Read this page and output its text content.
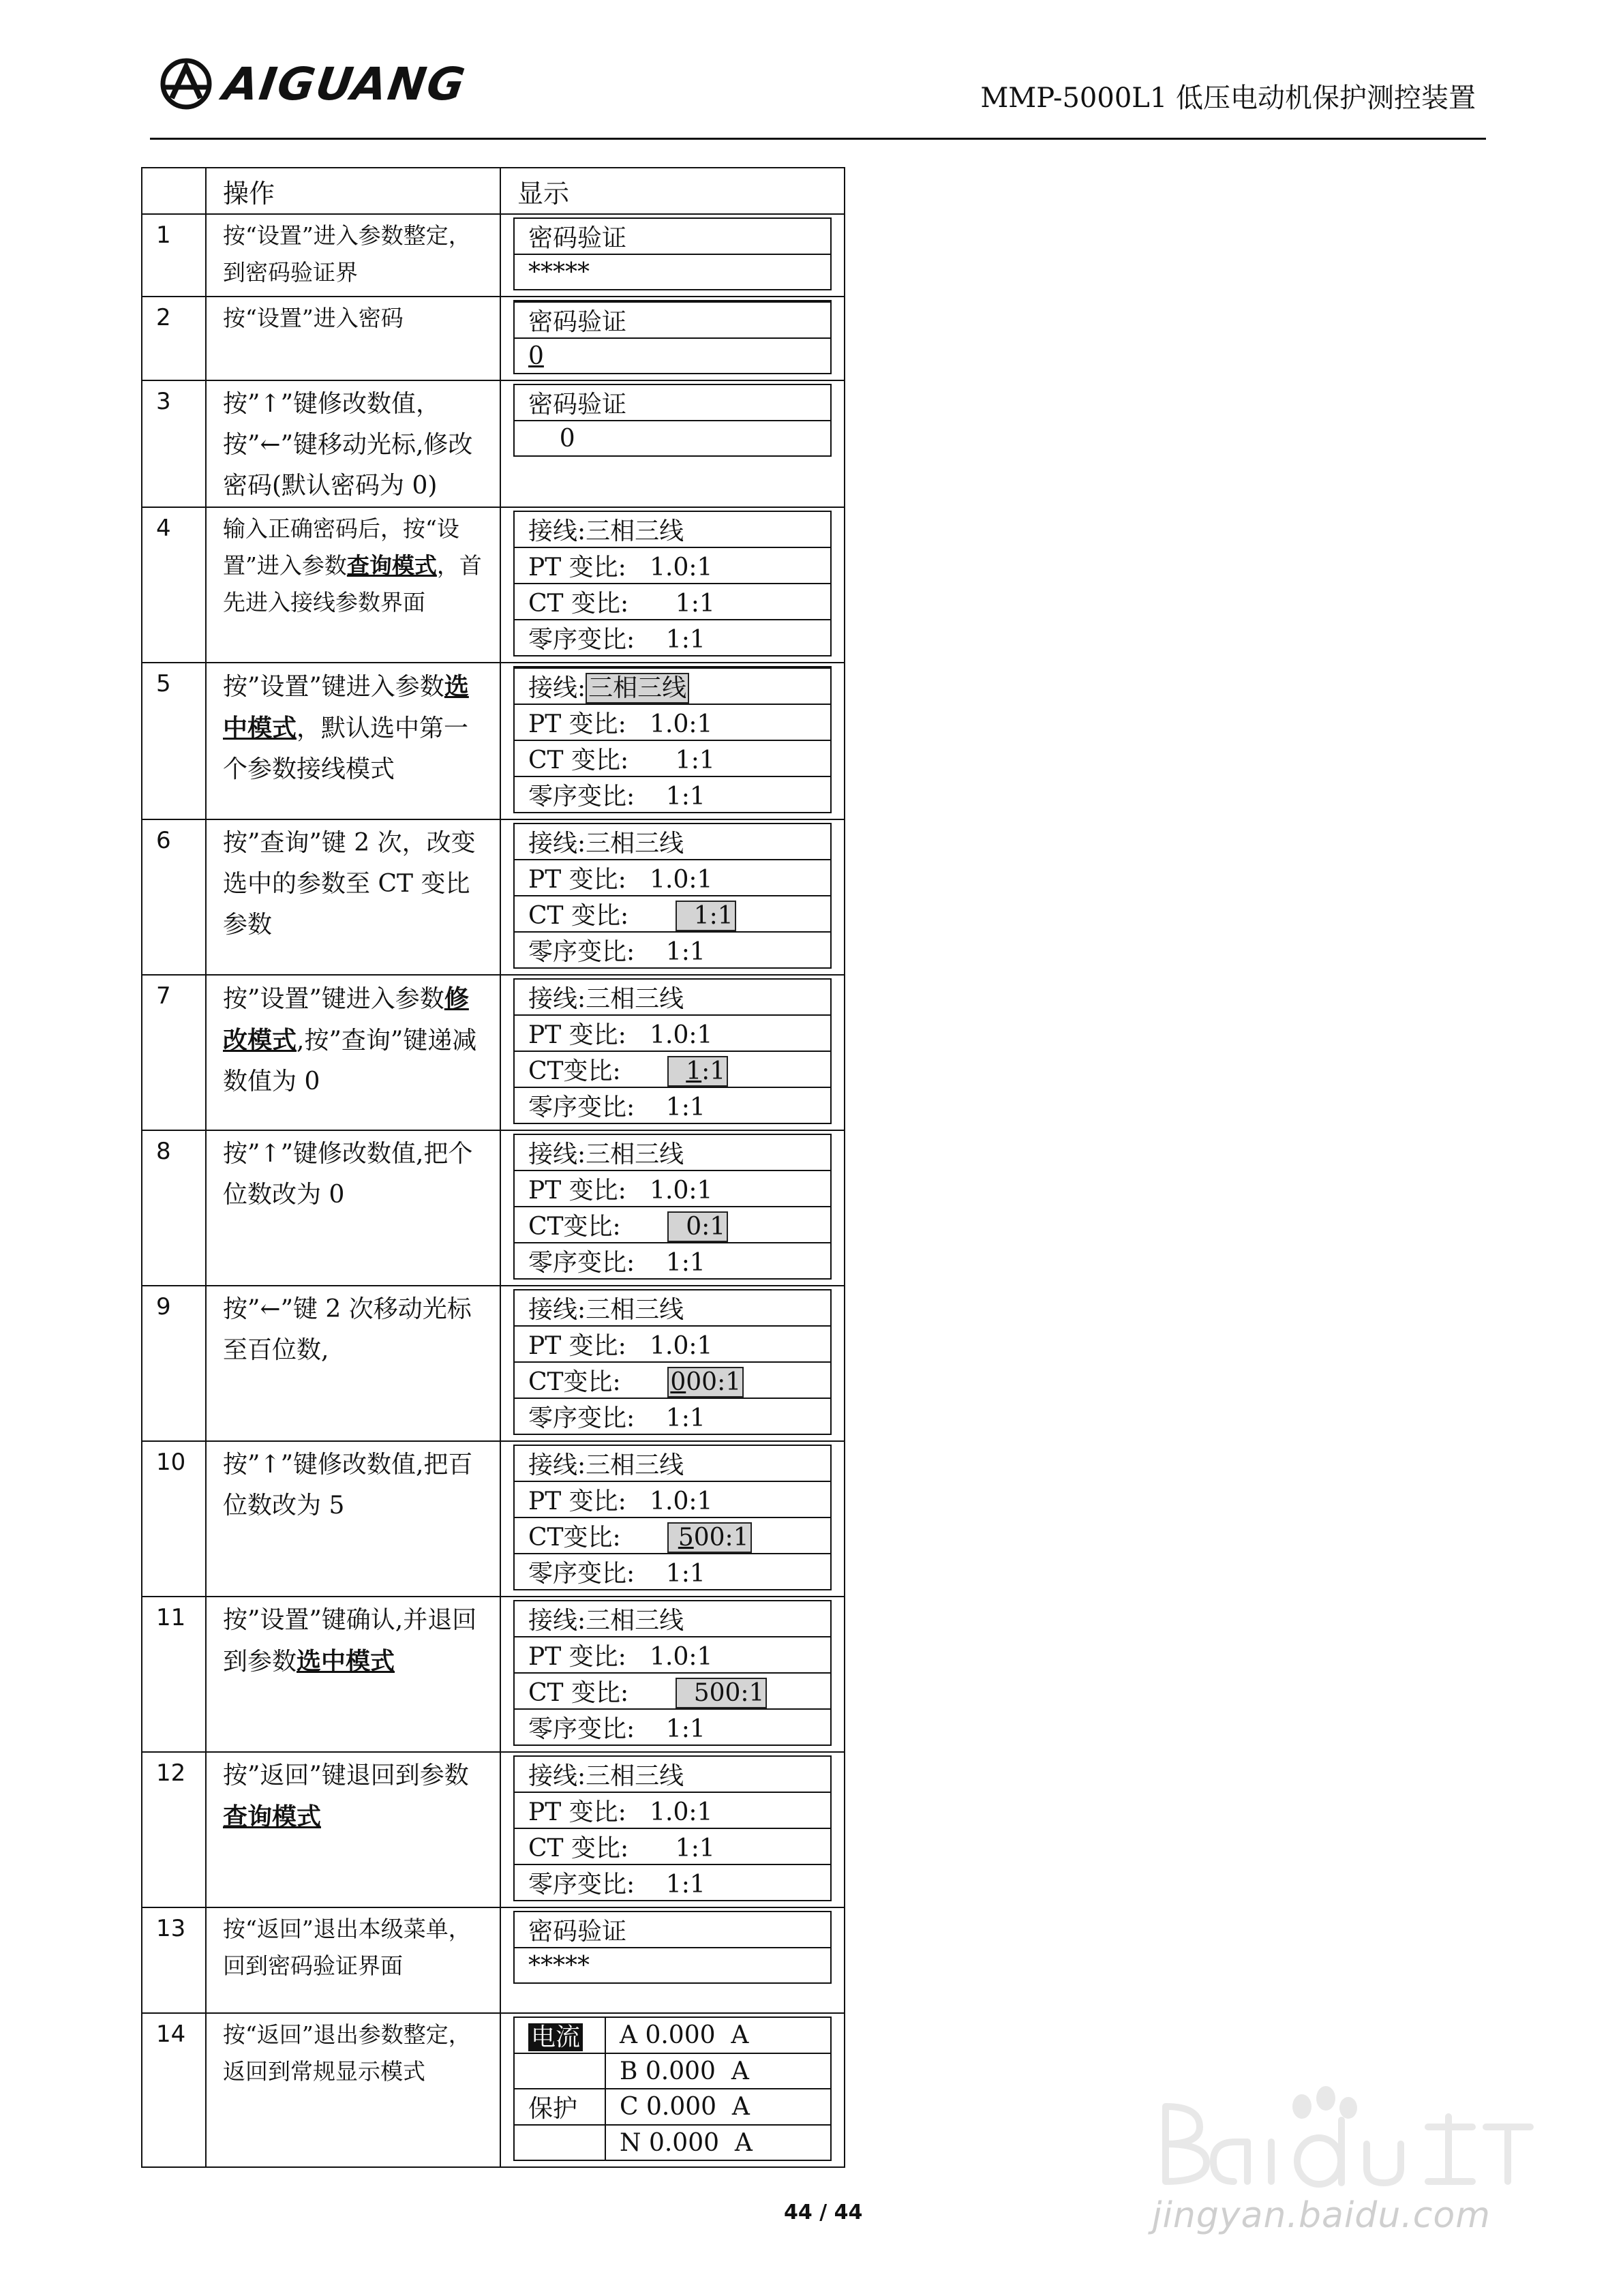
AIGUANG	MMP-5000L1 低压电动机保护测控装置
	操作	显示
1	按“设置”进入参数整定，到密码验证界	
密码验证
*****

2	按“设置”进入密码		密码验证
0

3	按”↑”键修改数值，按”←”键移动光标,修改密码(默认密码为 0)	
密码验证
0

4	输入正确密码后，按“设置”进入参数查询模式，首先进入接线参数界面	
接线:三相三线
PT 变比:   1.0:1
CT 变比:      1:1
零序变比:    1:1

5	按”设置”键进入参数选中模式，默认选中第一个参数接线模式	
接线: 三相三线
PT 变比:   1.0:1
CT 变比:      1:1
零序变比:    1:1

6	按”查询”键 2 次，改变选中的参数至 CT 变比参数	
接线:三相三线
PT 变比:   1.0:1
CT 变比:	1:1
零序变比:    1:1

7	按”设置”键进入参数修改模式,按”查询”键递减数值为 0	
接线:三相三线
PT 变比:   1.0:1
CT变比:	1:1
零序变比:    1:1

8	按”↑”键修改数值,把个位数改为 0	
接线:三相三线
PT 变比:   1.0:1
CT变比:	0:1
零序变比:    1:1

9	按”←”键 2 次移动光标至百位数,	
接线:三相三线
PT 变比:   1.0:1
CT变比: 000:1
零序变比:    1:1

10	按”↑”键修改数值,把百位数改为 5	
接线:三相三线
PT 变比:   1.0:1
CT变比: 500:1
零序变比:    1:1

11	按”设置”键确认,并退回到参数选中模式	
接线:三相三线
PT 变比:   1.0:1
CT 变比:	500:1
零序变比:    1:1

12	按”返回”键退回到参数查询模式	
接线:三相三线
PT 变比:   1.0:1
CT 变比:      1:1
零序变比:    1:1

13	按“返回”退出本级菜单，回到密码验证界面	
密码验证
*****

14	按“返回”退出参数整定，返回到常规显示模式	
电流	A 0.000  A
	B 0.000  A
保护	C 0.000  A
	N 0.000  A
44 / 44	jingyan.baidu.com
